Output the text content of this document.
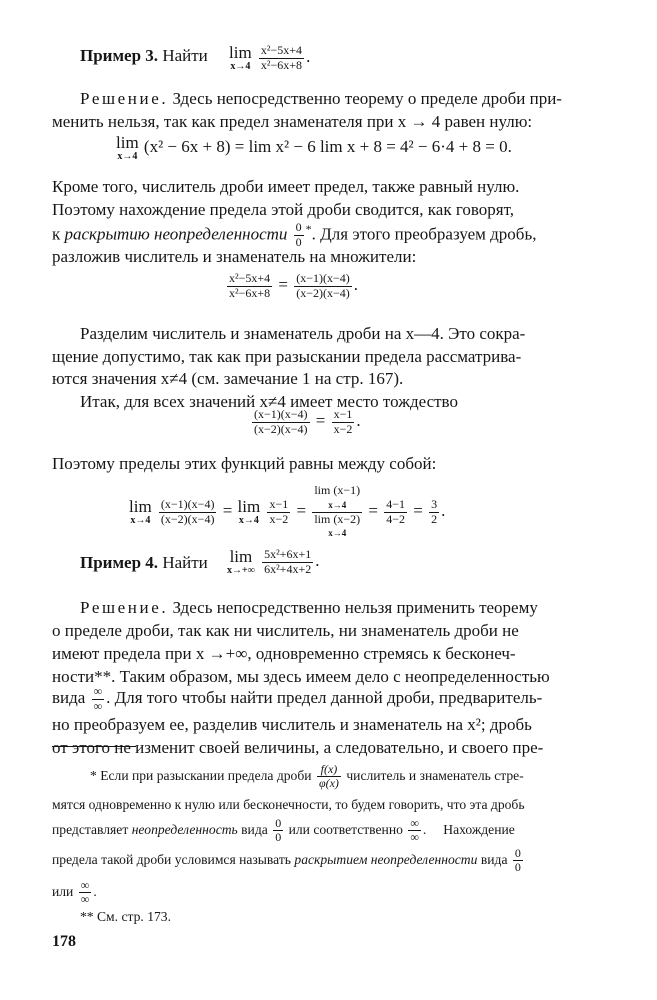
Пример 3. Найти lim
x→4
$\frac{\text{x²−5x+4}}{\text{x²−6x+8}}$ .
Решение. Здесь непосредственно теорему о пределе дроби при-
менить нельзя, так как предел знаменателя при x → 4 равен нулю:
lim
x→4
(x² − 6x + 8) = lim x² − 6 lim x + 8 = 4² − 6·4 + 8 = 0.
Кроме того, числитель дроби имеет предел, также равный нулю.
Поэтому нахождение предела этой дроби сводится, как говорят,
к раскрытию неопределенности $\frac{0}{0} ^*$. Для этого преобразуем дробь,
разложив числитель и знаменатель на множители:
$\frac{\text{x²−5x+4}}{\text{x²−6x+8}} = \frac{(x-1)(x-4)}{(x-2)(x-4)}$ .
Разделим числитель и знаменатель дроби на x—4. Это сокра-
щение допустимо, так как при разыскании предела рассматрива-
ются значения x≠4 (см. замечание 1 на стр. 167).
Итак, для всех значений x≠4 имеет место тождество
$\frac{(x-1)(x-4)}{(x-2)(x-4)} = \frac{x-1}{x-2}$ .
Поэтому пределы этих функций равны между собой:
lim
x→4
$\frac{(x-1)(x-4)}{(x-2)(x-4)} = \lim$
x→4
$\frac{x-1}{x-2}$ =
lim (x−1)
x→4
lim (x−2)
x→4
= $\frac{4-1}{4-2} = \frac{3}{2}$ .
Пример 4. Найти lim
x→+∞
$\frac{\text{5x²+6x+1}}{\text{6x²+4x+2}}$ .
Решение. Здесь непосредственно нельзя применить теорему
о пределе дроби, так как ни числитель, ни знаменатель дроби не
имеют предела при x →+∞, одновременно стремясь к бесконеч-
ности**. Таким образом, мы здесь имеем дело с неопределенностью
вида $\frac{\infty}{\infty}$ . Для того чтобы найти предел данной дроби, предваритель-
но преобразуем ее, разделив числитель и знаменатель на x²; дробь
от этого не изменит своей величины, а следовательно, и своего пре-
* Если при разыскании предела дроби $\frac{f(x)}{\varphi(x)}$ числитель и знаменатель стре-
мятся одновременно к нулю или бесконечности, то будем говорить, что эта дробь
представляет неопределенность вида $\frac{0}{0}$ или соответственно $\frac{\infty}{\infty}$ . Нахождение
предела такой дроби условимся называть раскрытием неопределенности вида $\frac{0}{0}$
или $\frac{\infty}{\infty}$ .
** См. стр. 173.
178
